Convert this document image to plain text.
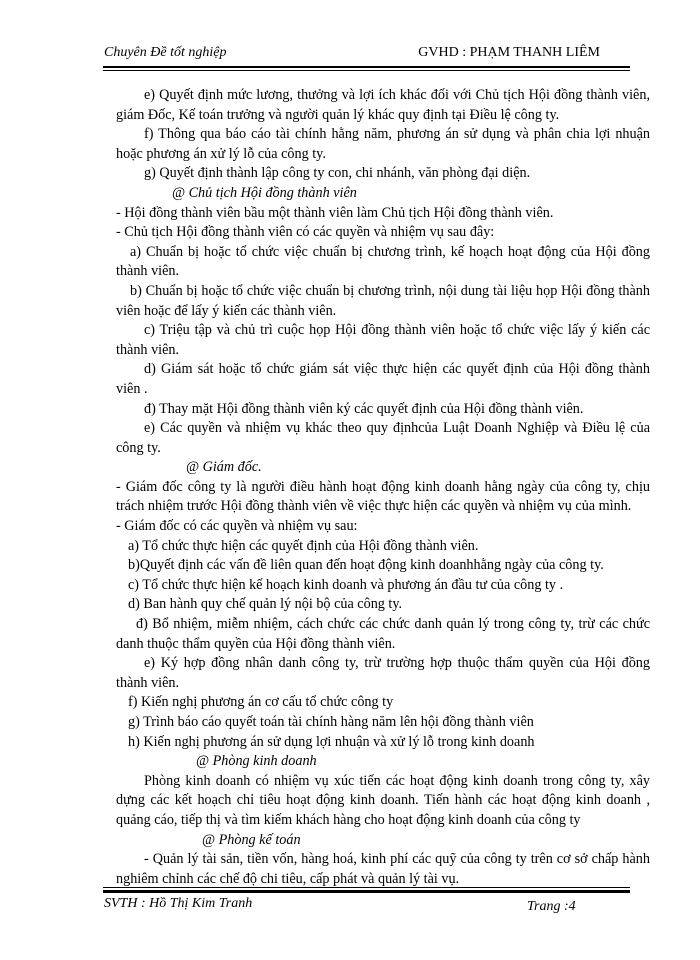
Chuyên Đề tốt nghiệp	GVHD : PHẠM THANH LIÊM

e) Quyết định mức lương, thưởng và lợi ích khác đối với Chủ tịch Hội đồng thành viên, giám Đốc, Kế toán trưởng và người quản lý khác quy định tại Điều lệ công ty.

f) Thông qua báo cáo tài chính hằng năm, phương án sử dụng và phân chia lợi nhuận hoặc phương án xử lý lỗ của công ty.

g) Quyết định thành lập công ty con, chi nhánh, văn phòng đại diện.

@ Chủ tịch Hội đồng thành viên

- Hội đồng thành viên bầu một thành viên làm Chủ tịch Hội đồng thành viên.

- Chủ tịch Hội đồng thành viên có các quyền và nhiệm vụ sau đây:

a) Chuẩn bị hoặc tổ chức việc chuẩn bị chương trình, kế hoạch hoạt động của Hội đồng thành viên.

b) Chuẩn bị hoặc tổ chức việc chuẩn bị chương trình, nội dung tài liệu họp Hội đồng thành viên hoặc để lấy ý kiến các thành viên.

c) Triệu tập và chủ trì cuộc họp Hội đồng thành viên hoặc tổ chức việc lấy ý kiến các thành viên.

d) Giám sát hoặc tổ chức giám sát việc thực hiện các quyết định của Hội đồng thành viên .

đ) Thay mặt Hội đồng thành viên ký các quyết định của Hội đồng thành viên.

e) Các quyền và nhiệm vụ khác theo quy địnhcủa Luật Doanh Nghiệp và Điều lệ của công ty.

@ Giám đốc.

- Giám đốc công ty là người điều hành hoạt động kinh doanh hằng ngày của công ty, chịu trách nhiệm trước Hội đồng thành viên về việc thực hiện các quyền và nhiệm vụ của mình.

- Giám đốc có các quyền và nhiệm vụ sau:

a) Tổ chức thực hiện các quyết định của Hội đồng thành viên.

b)Quyết định các vấn đề liên quan đến hoạt động kinh doanhhằng ngày của công ty.

c) Tổ chức thực hiện kế hoạch kinh doanh và phương án đầu tư của công ty .

d) Ban hành quy chế quản lý nội bộ của công ty.

đ) Bổ nhiệm, miễm nhiệm, cách chức các chức danh quản lý trong công ty, trừ các chức danh thuộc thẩm quyền của Hội đồng thành viên.

e) Ký hợp đồng nhân danh công ty, trừ trường hợp thuộc thẩm quyền của Hội đồng thành viên.

f) Kiến nghị phương án cơ cấu tổ chức công ty

g) Trình báo cáo quyết toán tài chính hàng năm lên hội đồng thành viên

h) Kiến nghị phương án sử dụng lợi nhuận và xử lý lỗ trong kinh doanh

@ Phòng kinh doanh

Phòng kinh doanh có nhiệm vụ xúc tiến các hoạt động kinh doanh trong công ty, xây dựng các kết hoạch chỉ tiêu hoạt động kinh doanh. Tiến hành các hoạt động kinh doanh , quảng cáo, tiếp thị và tìm kiếm khách hàng cho hoạt động kinh doanh của công ty

@ Phòng kế toán

- Quản lý tài sản, tiền vốn, hàng hoá, kinh phí các quỹ của công ty trên cơ sở chấp hành nghiêm chỉnh các chế độ chi tiêu, cấp phát và quản lý tài vụ.

SVTH : Hồ Thị Kim Tranh	Trang :4
